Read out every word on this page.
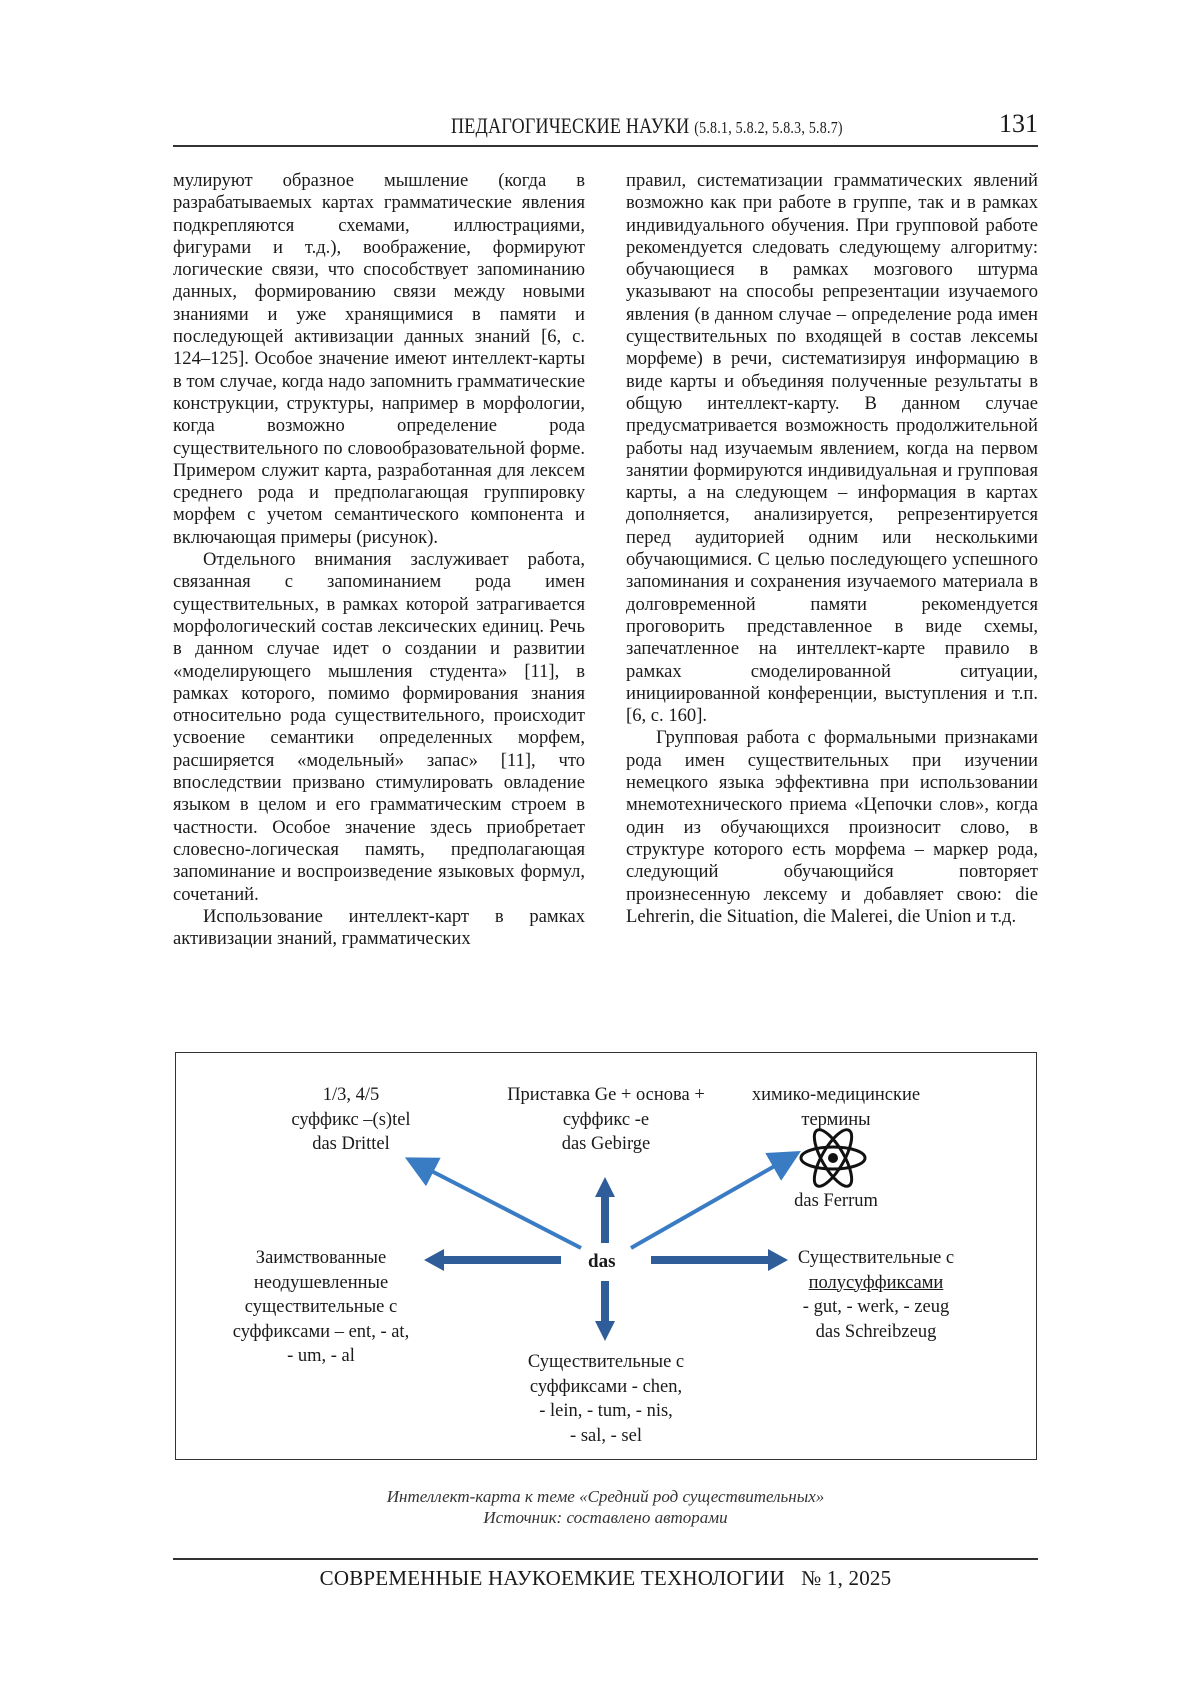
ПЕДАГОГИЧЕСКИЕ НАУКИ (5.8.1, 5.8.2, 5.8.3, 5.8.7)	131

мулируют образное мышление (когда в разрабатываемых картах грамматические явления подкрепляются схемами, иллюстрациями, фигурами и т.д.), воображение, формируют логические связи, что способствует запоминанию данных, формированию связи между новыми знаниями и уже хранящимися в памяти и последующей активизации данных знаний [6, с. 124–125]. Особое значение имеют интеллект-карты в том случае, когда надо запомнить грамматические конструкции, структуры, например в морфологии, когда возможно определение рода существительного по словообразовательной форме. Примером служит карта, разработанная для лексем среднего рода и предполагающая группировку морфем с учетом семантического компонента и включающая примеры (рисунок).

Отдельного внимания заслуживает работа, связанная с запоминанием рода имен существительных, в рамках которой затрагивается морфологический состав лексических единиц. Речь в данном случае идет о создании и развитии «моделирующего мышления студента» [11], в рамках которого, помимо формирования знания относительно рода существительного, происходит усвоение семантики определенных морфем, расширяется «модельный» запас» [11], что впоследствии призвано стимулировать овладение языком в целом и его грамматическим строем в частности. Особое значение здесь приобретает словесно-логическая память, предполагающая запоминание и воспроизведение языковых формул, сочетаний.

Использование интеллект-карт в рамках активизации знаний, грамматических

правил, систематизации грамматических явлений возможно как при работе в группе, так и в рамках индивидуального обучения. При групповой работе рекомендуется следовать следующему алгоритму: обучающиеся в рамках мозгового штурма указывают на способы репрезентации изучаемого явления (в данном случае – определение рода имен существительных по входящей в состав лексемы морфеме) в речи, систематизируя информацию в виде карты и объединяя полученные результаты в общую интеллект-карту. В данном случае предусматривается возможность продолжительной работы над изучаемым явлением, когда на первом занятии формируются индивидуальная и групповая карты, а на следующем – информация в картах дополняется, анализируется, репрезентируется перед аудиторией одним или несколькими обучающимися. С целью последующего успешного запоминания и сохранения изучаемого материала в долговременной памяти рекомендуется проговорить представленное в виде схемы, запечатленное на интеллект-карте правило в рамках смоделированной ситуации, инициированной конференции, выступления и т.п. [6, с. 160].

Групповая работа с формальными признаками рода имен существительных при изучении немецкого языка эффективна при использовании мнемотехнического приема «Цепочки слов», когда один из обучающихся произносит слово, в структуре которого есть морфема – маркер рода, следующий обучающийся повторяет произнесенную лексему и добавляет свою: die Lehrerin, die Situation, die Malerei, die Union и т.д.

das
1/3, 4/5
суффикс –(s)tel
das Drittel
Приставка Ge + основа +
суффикс -e
das Gebirge
химико-медицинские
термины
das Ferrum
Заимствованные
неодушевленные
существительные с
суффиксами – ent, - at,
- um, - al
Существительные с
полусуффиксами
- gut, - werk, - zeug
das Schreibzeug
Существительные с
суффиксами - chen,
- lein, - tum, - nis,
- sal, - sel
Интеллект-карта к теме «Средний род существительных»
Источник: составлено авторами
СОВРЕМЕННЫЕ НАУКОЕМКИЕ ТЕХНОЛОГИИ № 1, 2025
